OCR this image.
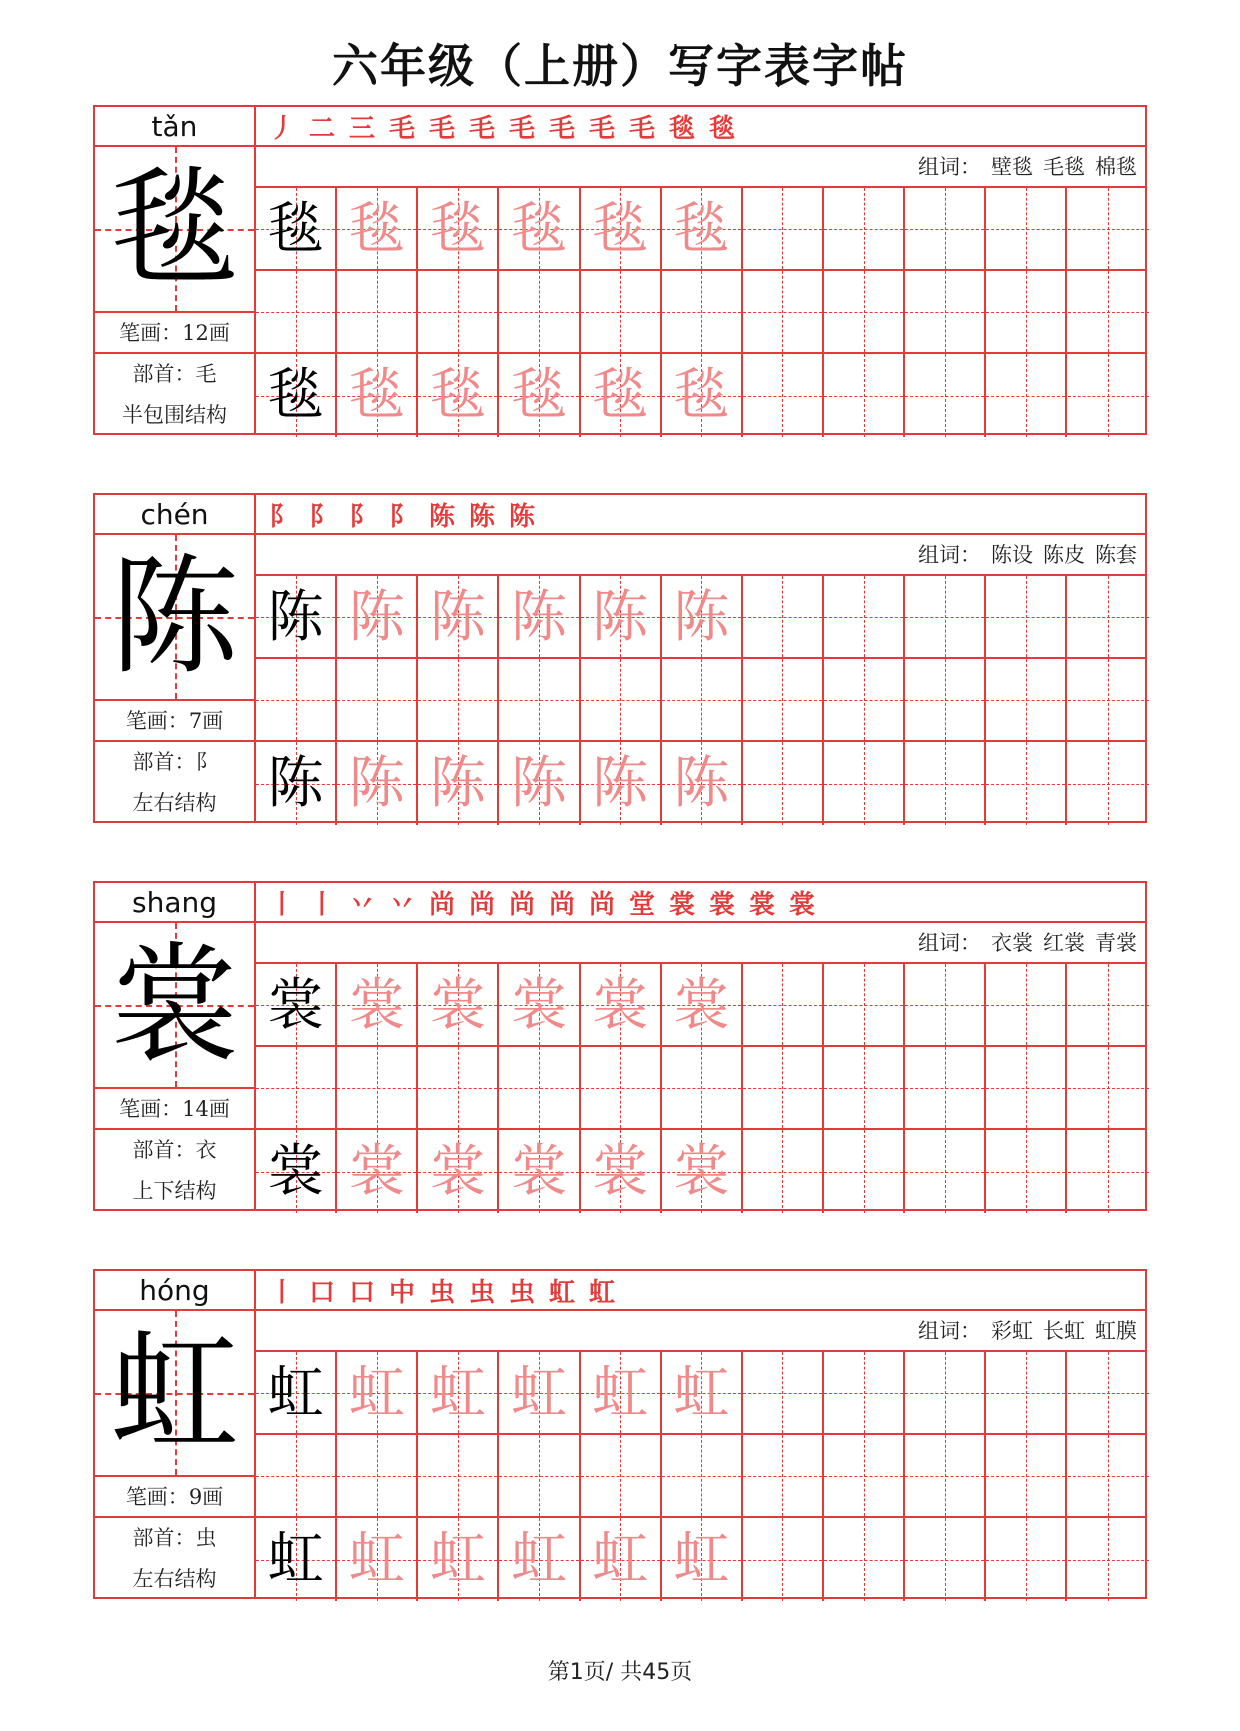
六年级（上册）写字表字帖
tǎn
毯
笔画：12画
部首：毛
半包围结构
丿 二 三 毛 毛 毛 毛 毛 毛 毛 毯 毯
组词： 壁毯 毛毯 棉毯
毯 毯 毯 毯 毯 毯
毯 毯 毯 毯 毯 毯
chén
陈
笔画：7画
部首：阝
左右结构
阝 阝 阝 阝 陈 陈 陈
组词： 陈设 陈皮 陈套
陈 陈 陈 陈 陈 陈
陈 陈 陈 陈 陈 陈
shang
裳
笔画：14画
部首：衣
上下结构
丨 丨 丷 丷 尚 尚 尚 尚 尚 堂 裳 裳 裳 裳
组词： 衣裳 红裳 青裳
裳 裳 裳 裳 裳 裳
裳 裳 裳 裳 裳 裳
hóng
虹
笔画：9画
部首：虫
左右结构
丨 口 口 中 虫 虫 虫 虹 虹
组词： 彩虹 长虹 虹膜
虹 虹 虹 虹 虹 虹
虹 虹 虹 虹 虹 虹
第1页/ 共45页
